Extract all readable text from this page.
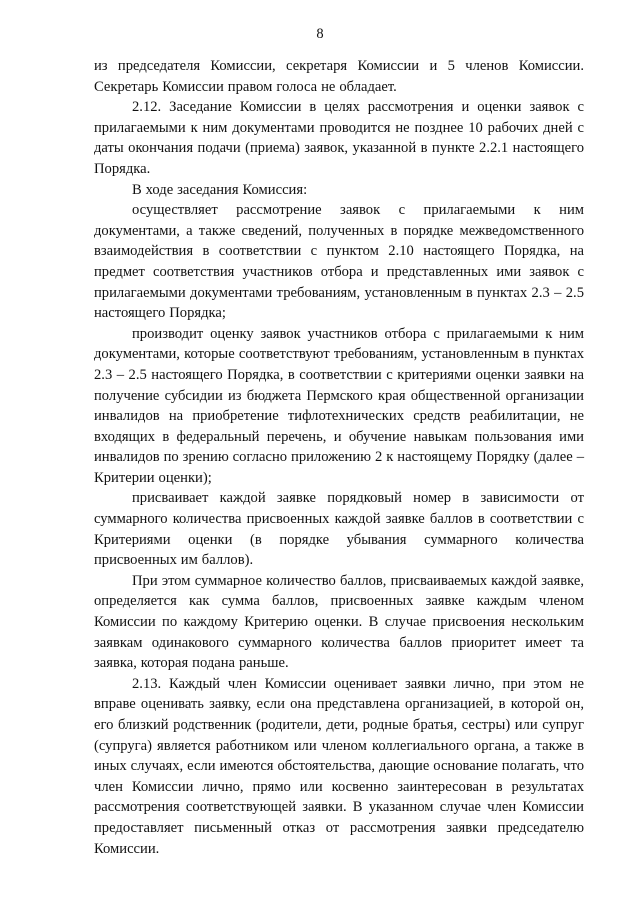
8

из председателя Комиссии, секретаря Комиссии и 5 членов Комиссии. Секретарь Комиссии правом голоса не обладает.

2.12. Заседание Комиссии в целях рассмотрения и оценки заявок с прилагаемыми к ним документами проводится не позднее 10 рабочих дней с даты окончания подачи (приема) заявок, указанной в пункте 2.2.1 настоящего Порядка.

В ходе заседания Комиссия:

осуществляет рассмотрение заявок с прилагаемыми к ним документами, а также сведений, полученных в порядке межведомственного взаимодействия в соответствии с пунктом 2.10 настоящего Порядка, на предмет соответствия участников отбора и представленных ими заявок с прилагаемыми документами требованиям, установленным в пунктах 2.3 – 2.5 настоящего Порядка;

производит оценку заявок участников отбора с прилагаемыми к ним документами, которые соответствуют требованиям, установленным в пунктах 2.3 – 2.5 настоящего Порядка, в соответствии с критериями оценки заявки на получение субсидии из бюджета Пермского края общественной организации инвалидов на приобретение тифлотехнических средств реабилитации, не входящих в федеральный перечень, и обучение навыкам пользования ими инвалидов по зрению согласно приложению 2 к настоящему Порядку (далее – Критерии оценки);

присваивает каждой заявке порядковый номер в зависимости от суммарного количества присвоенных каждой заявке баллов в соответствии с Критериями оценки (в порядке убывания суммарного количества присвоенных им баллов).

При этом суммарное количество баллов, присваиваемых каждой заявке, определяется как сумма баллов, присвоенных заявке каждым членом Комиссии по каждому Критерию оценки. В случае присвоения нескольким заявкам одинакового суммарного количества баллов приоритет имеет та заявка, которая подана раньше.

2.13. Каждый член Комиссии оценивает заявки лично, при этом не вправе оценивать заявку, если она представлена организацией, в которой он, его близкий родственник (родители, дети, родные братья, сестры) или супруг (супруга) является работником или членом коллегиального органа, а также в иных случаях, если имеются обстоятельства, дающие основание полагать, что член Комиссии лично, прямо или косвенно заинтересован в результатах рассмотрения соответствующей заявки. В указанном случае член Комиссии предоставляет письменный отказ от рассмотрения заявки председателю Комиссии.
